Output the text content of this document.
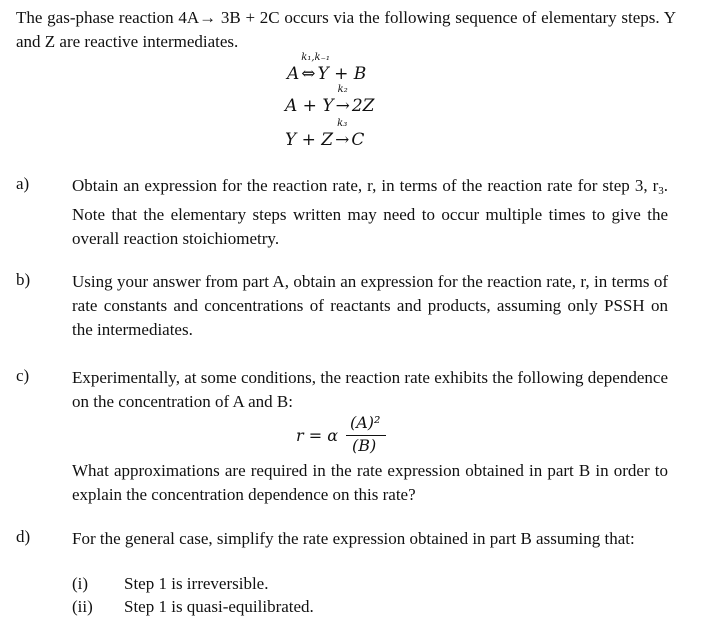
The gas-phase reaction 4A→ 3B + 2C occurs via the following sequence of elementary steps. Y and Z are reactive intermediates.
A
k₁,k₋₁
⇔ Y + B
A + Y
k₂
→ 2Z
Y + Z
k₃
→ C
a)	Obtain an expression for the reaction rate, r, in terms of the reaction rate for step 3, $r_3$. Note that the elementary steps written may need to occur multiple times to give the overall reaction stoichiometry.
b) Using your answer from part A, obtain an expression for the reaction rate, r, in terms of rate constants and concentrations of reactants and products, assuming only PSSH on the intermediates.
c)	Experimentally, at some conditions, the reaction rate exhibits the following dependence on the concentration of A and B:
r = α
(A)²
(B)
What approximations are required in the rate expression obtained in part B in order to explain the concentration dependence on this rate?
d) For the general case, simplify the rate expression obtained in part B assuming that:
(i) Step 1 is irreversible.
(ii) Step 1 is quasi-equilibrated.
